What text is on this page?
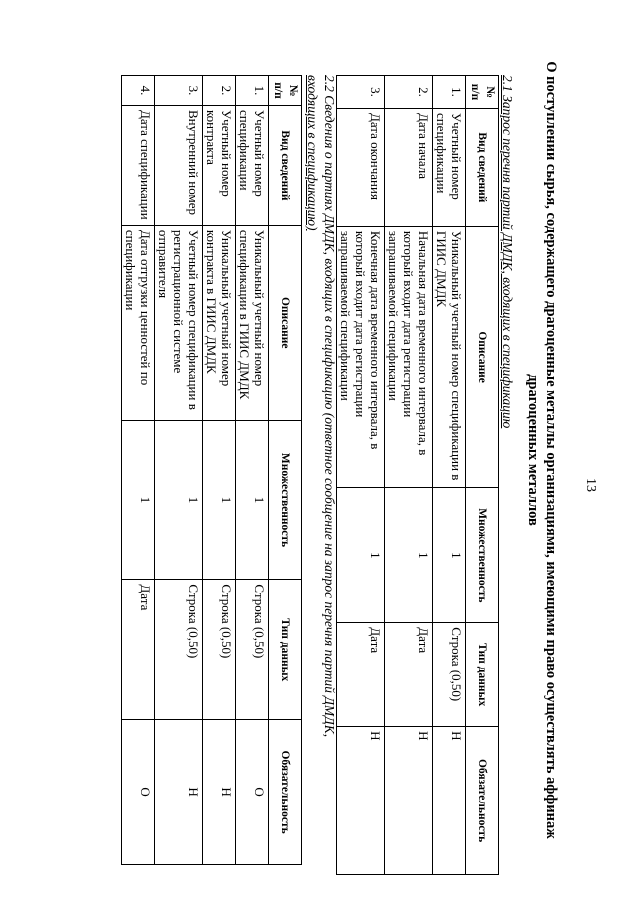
13
О поступлении сырья, содержащего драгоценные металлы организациями, имеющими право осуществлять аффинаж драгоценных металлов
2.1 Запрос перечня партий ДМДК, входящих в спецификацию
№ п/п	Вид сведений	Описание	Множественность	Тип данных	Обязательность
1.	Учетный номер спецификации	Уникальный учетный номер спецификации в ГИИС ДМДК	1	Строка (0,50)	Н
2.	Дата начала	Начальная дата временного интервала, в который входит дата регистрации запрашиваемой спецификации	1	Дата	Н
3.	Дата окончания	Конечная дата временного интервала, в который входит дата регистрации запрашиваемой спецификации	1	Дата	Н
2.2 Сведения о партиях ДМДК, входящих в спецификацию (ответное сообщение на запрос перечня партий ДМДК,
входящих в спецификацию)
№ п/п	Вид сведений	Описание	Множественность	Тип данных	Обязательность
1.	Учетный номер спецификации	Уникальный учетный номер спецификации в ГИИС ДМДК	1	Строка (0,50)	О
2.	Учетный номер контракта	Уникальный учетный номер контракта в ГИИС ДМДК	1	Строка (0,50)	Н
3.	Внутренний номер	Учетный номер спецификации в регистрационной системе отправителя	1	Строка (0,50)	Н
4.	Дата спецификации	Дата отгрузки ценностей по спецификации	1	Дата	О
